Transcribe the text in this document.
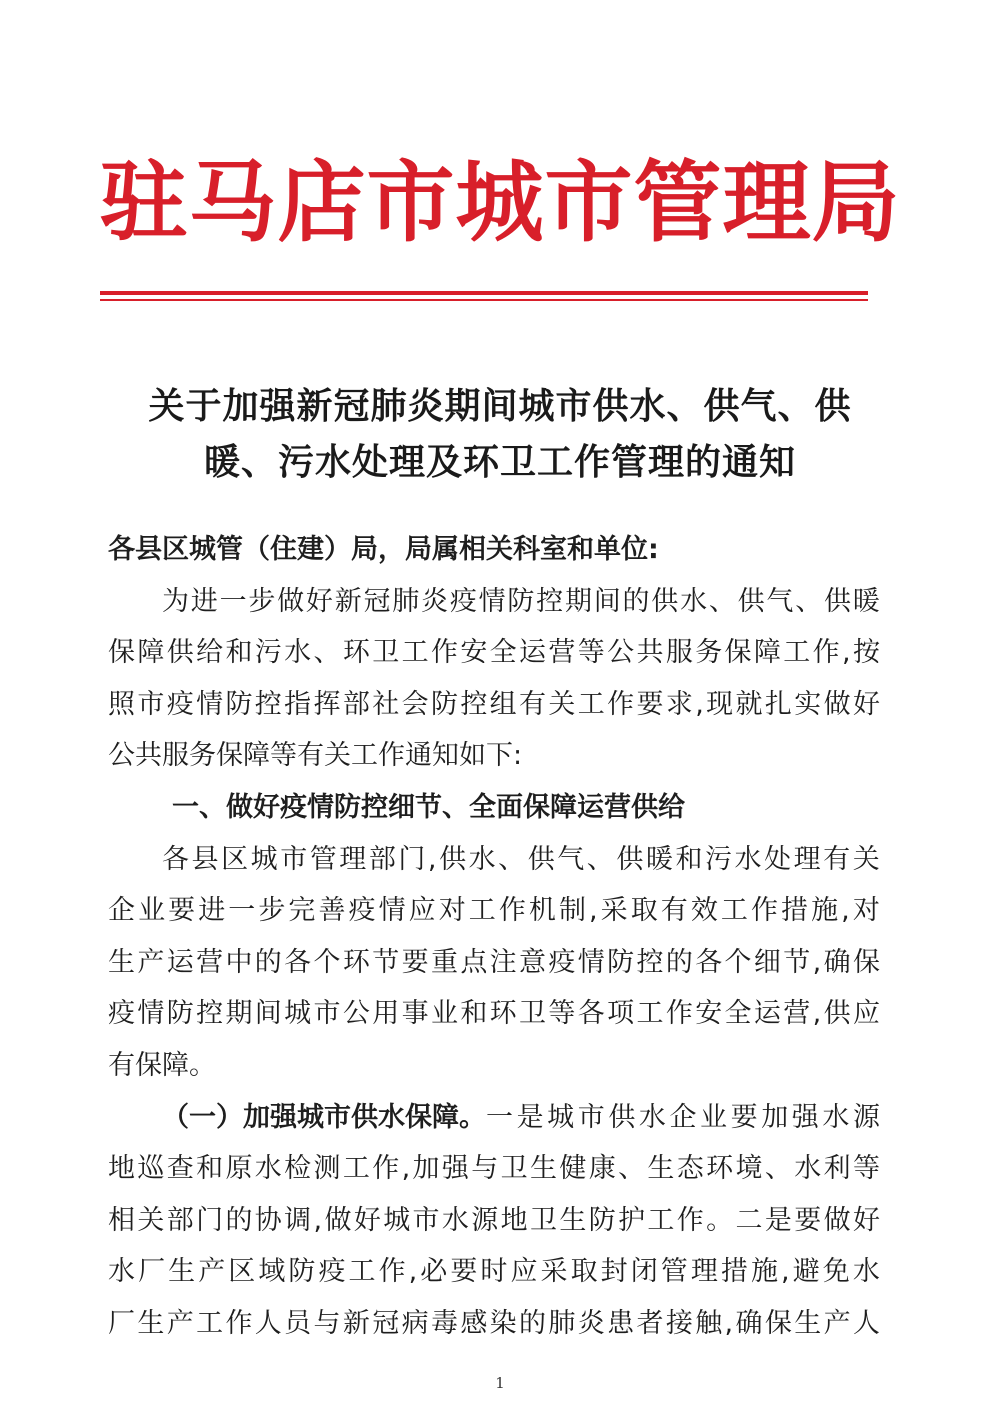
驻马店市城市管理局
关于加强新冠肺炎期间城市供水、供气、供
暖、污水处理及环卫工作管理的通知
各县区城管（住建）局，局属相关科室和单位:
为 进 一 步 做 好 新 冠 肺 炎 疫 情 防 控 期 间 的 供 水 、 供 气 、 供 暖
保 障 供 给 和 污 水 、 环 卫 工 作 安 全 运 营 等 公 共 服 务 保 障 工 作 , 按
照 市 疫 情 防 控 指 挥 部 社 会 防 控 组 有 关 工 作 要 求 , 现 就 扎 实 做 好
公共服务保障等有关工作通知如下:
一、做好疫情防控细节、全面保障运营供给
各 县 区 城 市 管 理 部 门 , 供 水 、 供 气 、 供 暖 和 污 水 处 理 有 关
企 业 要 进 一 步 完 善 疫 情 应 对 工 作 机 制 , 采 取 有 效 工 作 措 施 , 对
生 产 运 营 中 的 各 个 环 节 要 重 点 注 意 疫 情 防 控 的 各 个 细 节 , 确 保
疫 情 防 控 期 间 城 市 公 用 事 业 和 环 卫 等 各 项 工 作 安 全 运 营 , 供 应
有保障。
（一）加强城市供水保障。 一 是 城 市 供 水 企 业 要 加 强 水 源
地 巡 查 和 原 水 检 测 工 作 , 加 强 与 卫 生 健 康 、 生 态 环 境 、 水 利 等
相 关 部 门 的 协 调 , 做 好 城 市 水 源 地 卫 生 防 护 工 作 。 二 是 要 做 好
水 厂 生 产 区 域 防 疫 工 作 , 必 要 时 应 采 取 封 闭 管 理 措 施 , 避 免 水
厂 生 产 工 作 人 员 与 新 冠 病 毒 感 染 的 肺 炎 患 者 接 触 , 确 保 生 产 人
1
